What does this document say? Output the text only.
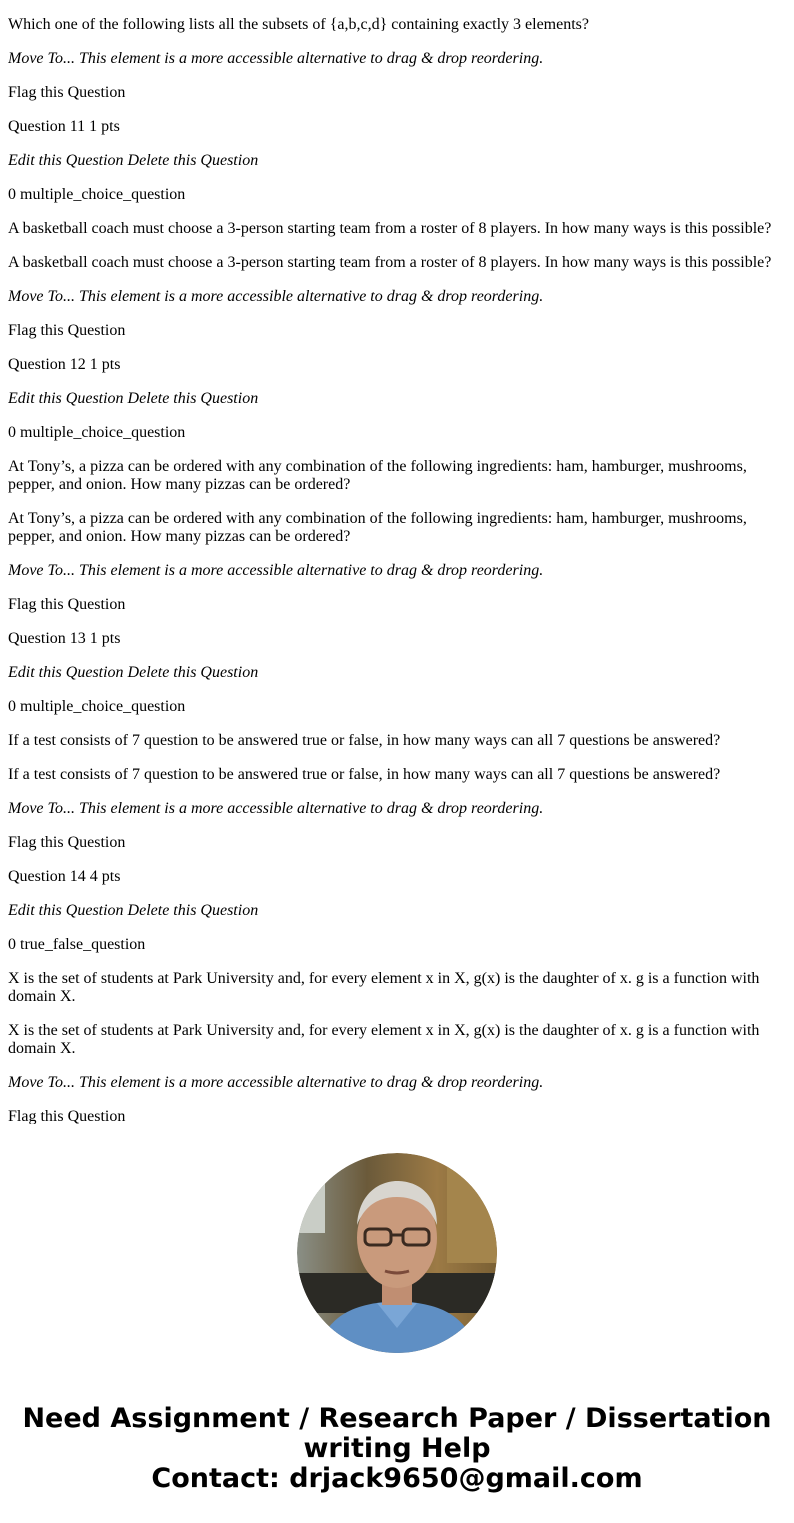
Which one of the following lists all the subsets of {a,b,c,d} containing exactly 3 elements?

Move To... This element is a more accessible alternative to drag & drop reordering.

Flag this Question

Question 11 1 pts

Edit this Question Delete this Question

0 multiple_choice_question

A basketball coach must choose a 3-person starting team from a roster of 8 players. In how many ways is this possible?

A basketball coach must choose a 3-person starting team from a roster of 8 players. In how many ways is this possible?

Move To... This element is a more accessible alternative to drag & drop reordering.

Flag this Question

Question 12 1 pts

Edit this Question Delete this Question

0 multiple_choice_question

At Tony’s, a pizza can be ordered with any combination of the following ingredients: ham, hamburger, mushrooms, pepper, and onion. How many pizzas can be ordered?

At Tony’s, a pizza can be ordered with any combination of the following ingredients: ham, hamburger, mushrooms, pepper, and onion. How many pizzas can be ordered?

Move To... This element is a more accessible alternative to drag & drop reordering.

Flag this Question

Question 13 1 pts

Edit this Question Delete this Question

0 multiple_choice_question

If a test consists of 7 question to be answered true or false, in how many ways can all 7 questions be answered?

If a test consists of 7 question to be answered true or false, in how many ways can all 7 questions be answered?

Move To... This element is a more accessible alternative to drag & drop reordering.

Flag this Question

Question 14 4 pts

Edit this Question Delete this Question

0 true_false_question

X is the set of students at Park University and, for every element x in X, g(x) is the daughter of x. g is a function with domain X.

X is the set of students at Park University and, for every element x in X, g(x) is the daughter of x. g is a function with domain X.

Move To... This element is a more accessible alternative to drag & drop reordering.

Flag this Question

Need Assignment / Research Paper / Dissertation
writing Help
Contact: drjack9650@gmail.com
